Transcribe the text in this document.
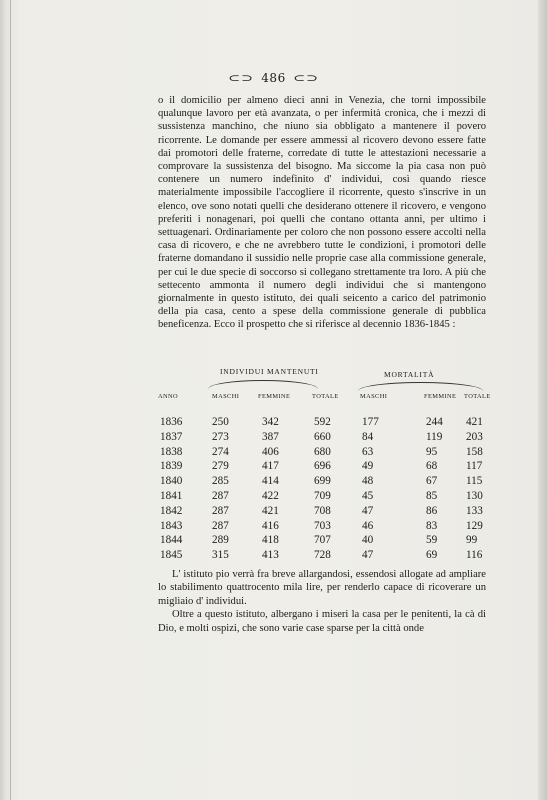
⊂⊃ 486 ⊂⊃

o il domicilio per almeno dieci anni in Venezia, che torni impossibile qualunque lavoro per età avanzata, o per infermità cronica, che i mezzi di sussistenza manchino, che niuno sia obbligato a mantenere il povero ricorrente. Le domande per essere ammessi al ricovero devono essere fatte dai promotori delle fraterne, corredate di tutte le attestazioni necessarie a comprovare la sussistenza del bisogno. Ma siccome la pia casa non può contenere un numero indefinito d' individui, così quando riesce materialmente impossibile l'accogliere il ricorrente, questo s'inscrive in un elenco, ove sono notati quelli che desiderano ottenere il ricovero, e vengono preferiti i nonagenari, poi quelli che contano ottanta anni, per ultimo i settuagenari. Ordinariamente per coloro che non possono essere accolti nella casa di ricovero, e che ne avrebbero tutte le condizioni, i promotori delle fraterne domandano il sussidio nelle proprie case alla commissione generale, per cui le due specie di soccorso si collegano strettamente tra loro. A più che settecento ammonta il numero degli individui che si mantengono giornalmente in questo istituto, dei quali seicento a carico del patrimonio della pia casa, cento a spese della commissione generale di pubblica beneficenza. Ecco il prospetto che si riferisce al decennio 1836-1845 :

INDIVIDUI MANTENUTI	MORTALITÀ
ANNO	MASCHI	FEMMINE	TOTALE	MASCHI	FEMMINE	TOTALE
1836	250	342	592	177	244	421
1837	273	387	660	84	119	203
1838	274	406	680	63	95	158
1839	279	417	696	49	68	117
1840	285	414	699	48	67	115
1841	287	422	709	45	85	130
1842	287	421	708	47	86	133
1843	287	416	703	46	83	129
1844	289	418	707	40	59	99
1845	315	413	728	47	69	116

L' istituto pio verrà fra breve allargandosi, essendosi allogate ad ampliare lo stabilimento quattrocento mila lire, per renderlo capace di ricoverare un migliaio d' individui.

Oltre a questo istituto, albergano i miseri la casa per le penitenti, la cà di Dio, e molti ospizi, che sono varie case sparse per la città onde
